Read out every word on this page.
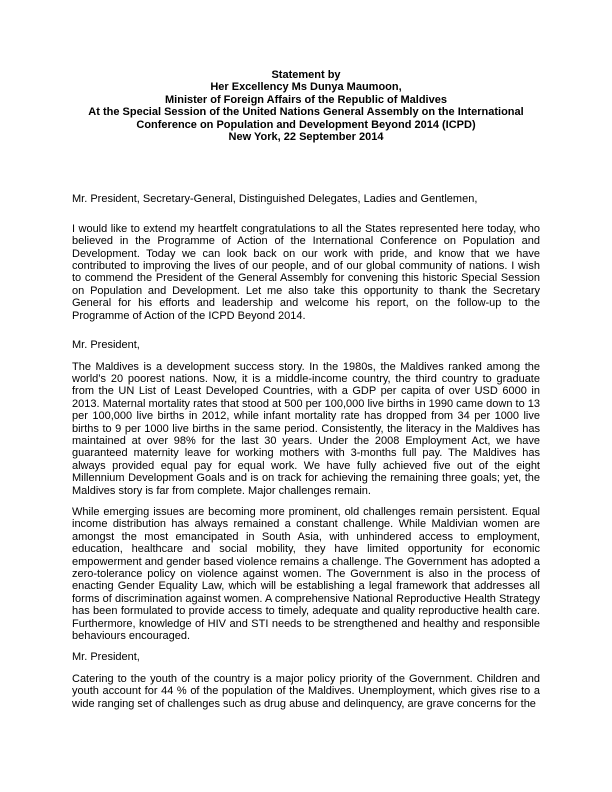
Statement by
Her Excellency Ms Dunya Maumoon,
Minister of Foreign Affairs of the Republic of Maldives
At the Special Session of the United Nations General Assembly on the International
Conference on Population and Development Beyond 2014 (ICPD)
New York, 22 September 2014

Mr. President, Secretary-General, Distinguished Delegates, Ladies and Gentlemen,

I would like to extend my heartfelt congratulations to all the States represented here today, who believed in the Programme of Action of the International Conference on Population and Development. Today we can look back on our work with pride, and know that we have contributed to improving the lives of our people, and of our global community of nations. I wish to commend the President of the General Assembly for convening this historic Special Session on Population and Development. Let me also take this opportunity to thank the Secretary General for his efforts and leadership and welcome his report, on the follow-up to the Programme of Action of the ICPD Beyond 2014.

Mr. President,

The Maldives is a development success story. In the 1980s, the Maldives ranked among the world’s 20 poorest nations. Now, it is a middle-income country, the third country to graduate from the UN List of Least Developed Countries, with a GDP per capita of over USD 6000 in 2013. Maternal mortality rates that stood at 500 per 100,000 live births in 1990 came down to 13 per 100,000 live births in 2012, while infant mortality rate has dropped from 34 per 1000 live births to 9 per 1000 live births in the same period. Consistently, the literacy in the Maldives has maintained at over 98% for the last 30 years. Under the 2008 Employment Act, we have guaranteed maternity leave for working mothers with 3-months full pay. The Maldives has always provided equal pay for equal work. We have fully achieved five out of the eight Millennium Development Goals and is on track for achieving the remaining three goals; yet, the Maldives story is far from complete. Major challenges remain.

While emerging issues are becoming more prominent, old challenges remain persistent. Equal income distribution has always remained a constant challenge. While Maldivian women are amongst the most emancipated in South Asia, with unhindered access to employment, education, healthcare and social mobility, they have limited opportunity for economic empowerment and gender based violence remains a challenge. The Government has adopted a zero-tolerance policy on violence against women. The Government is also in the process of enacting Gender Equality Law, which will be establishing a legal framework that addresses all forms of discrimination against women. A comprehensive National Reproductive Health Strategy has been formulated to provide access to timely, adequate and quality reproductive health care. Furthermore, knowledge of HIV and STI needs to be strengthened and healthy and responsible behaviours encouraged.

Mr. President,

Catering to the youth of the country is a major policy priority of the Government. Children and youth account for 44 % of the population of the Maldives. Unemployment, which gives rise to a wide ranging set of challenges such as drug abuse and delinquency, are grave concerns for the
